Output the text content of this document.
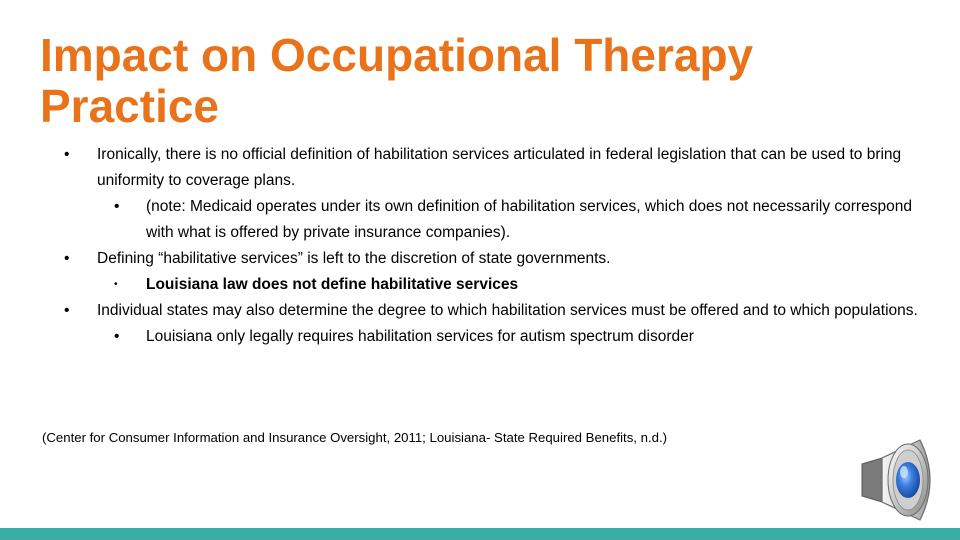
Impact on Occupational Therapy Practice
• Ironically, there is no official definition of habilitation services articulated in federal legislation that can be used to bring uniformity to coverage plans.
• (note: Medicaid operates under its own definition of habilitation services, which does not necessarily correspond with what is offered by private insurance companies).
• Defining “habilitative services” is left to the discretion of state governments.
• Louisiana law does not define habilitative services
• Individual states may also determine the degree to which habilitation services must be offered and to which populations.
• Louisiana only legally requires habilitation services for autism spectrum disorder

(Center for Consumer Information and Insurance Oversight, 2011; Louisiana- State Required Benefits, n.d.)
